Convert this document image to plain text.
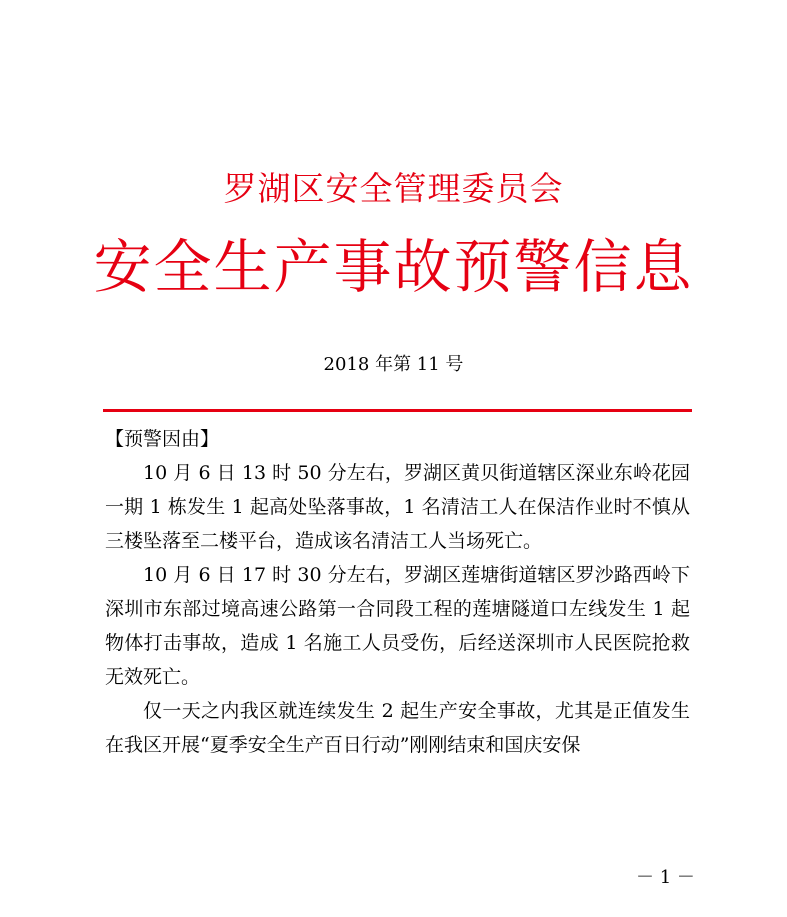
罗湖区安全管理委员会
安全生产事故预警信息
2018 年第 11 号

【预警因由】

10 月 6 日 13 时 50 分左右，罗湖区黄贝街道辖区深业东岭花园一期 1 栋发生 1 起高处坠落事故，1 名清洁工人在保洁作业时不慎从三楼坠落至二楼平台，造成该名清洁工人当场死亡。

10 月 6 日 17 时 30 分左右，罗湖区莲塘街道辖区罗沙路西岭下深圳市东部过境高速公路第一合同段工程的莲塘隧道口左线发生 1 起物体打击事故，造成 1 名施工人员受伤，后经送深圳市人民医院抢救无效死亡。

仅一天之内我区就连续发生 2 起生产安全事故，尤其是正值发生在我区开展“夏季安全生产百日行动”刚刚结束和国庆安保

－ 1 －
